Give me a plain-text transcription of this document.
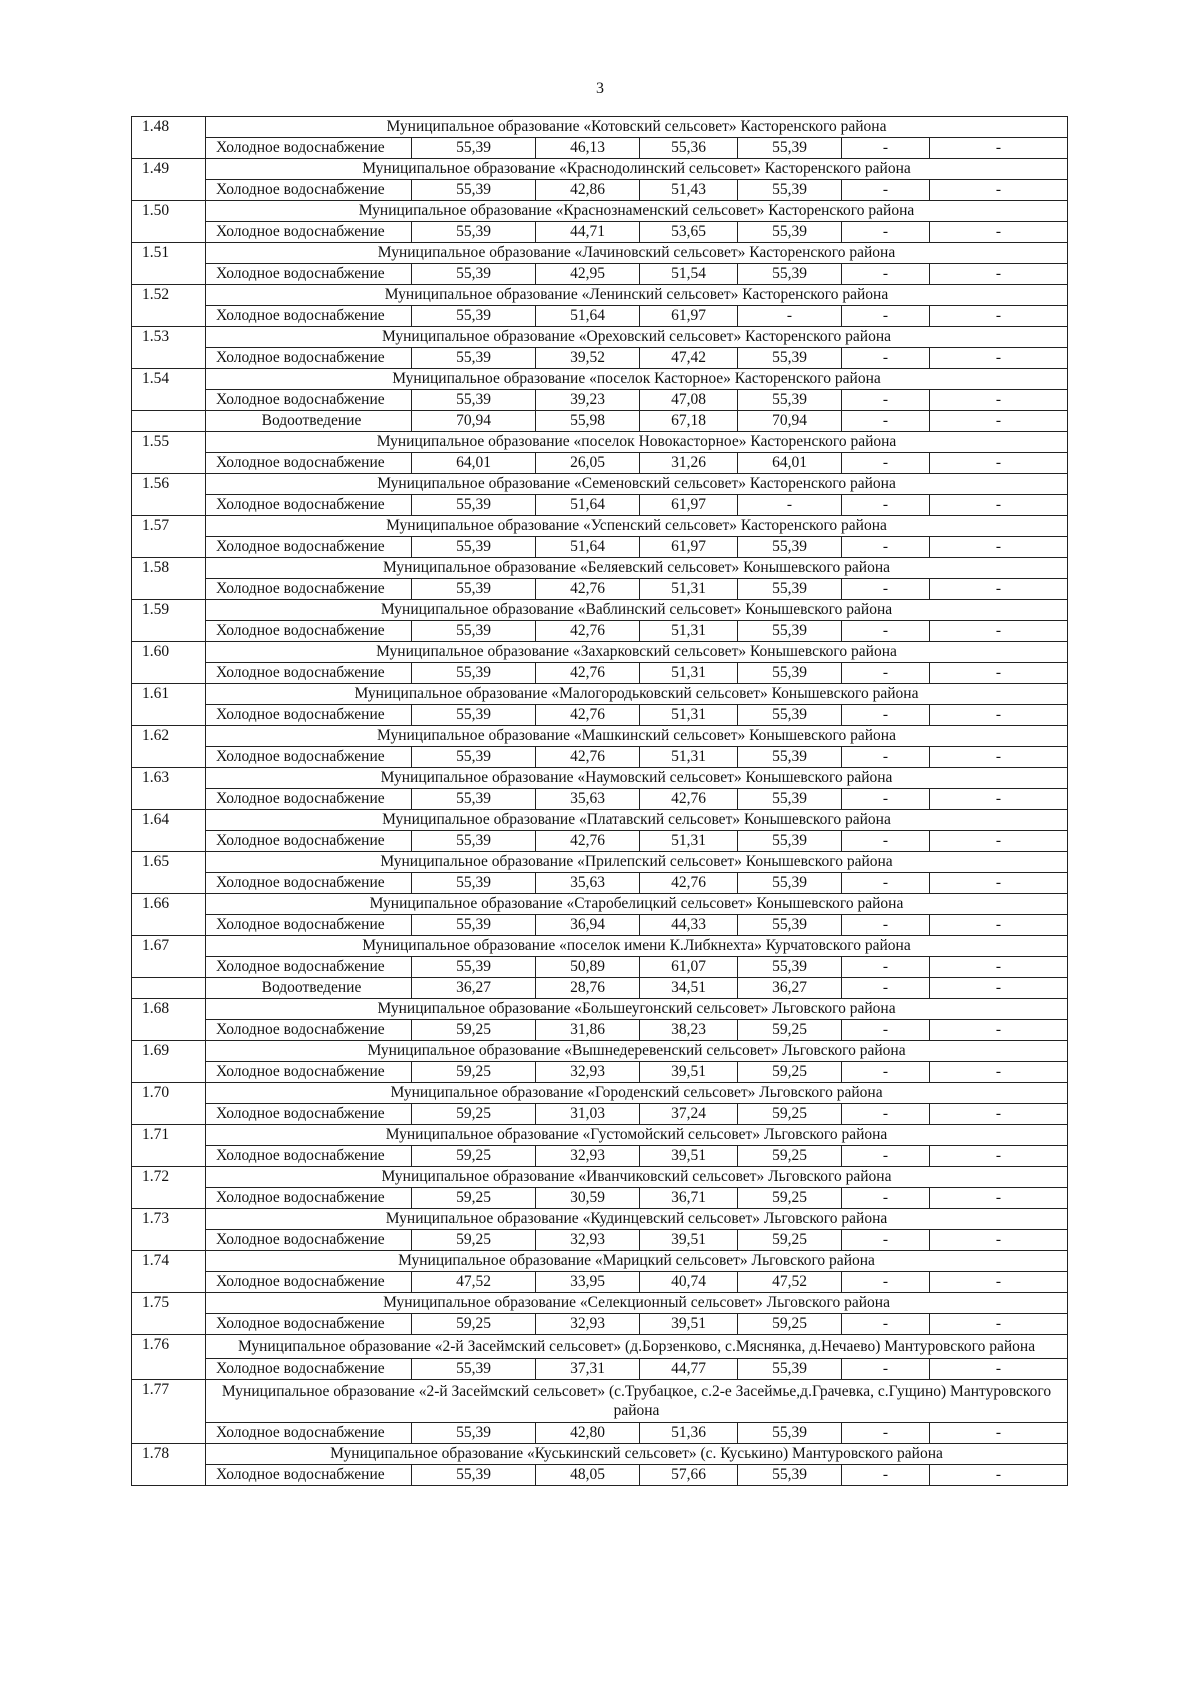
3
1.48	Муниципальное образование «Котовский сельсовет» Касторенского района						
	Холодное водоснабжение	55,39	46,13	55,36	55,39	-	-
1.49	Муниципальное образование «Краснодолинский сельсовет» Касторенского района						
	Холодное водоснабжение	55,39	42,86	51,43	55,39	-	-
1.50	Муниципальное образование «Краснознаменский сельсовет» Касторенского района						
	Холодное водоснабжение	55,39	44,71	53,65	55,39	-	-
1.51	Муниципальное образование «Лачиновский сельсовет» Касторенского района						
	Холодное водоснабжение	55,39	42,95	51,54	55,39	-	-
1.52	Муниципальное образование «Ленинский сельсовет» Касторенского района						
	Холодное водоснабжение	55,39	51,64	61,97	-	-	-
1.53	Муниципальное образование «Ореховский сельсовет» Касторенского района						
	Холодное водоснабжение	55,39	39,52	47,42	55,39	-	-
1.54	Муниципальное образование «поселок Касторное» Касторенского района						
	Холодное водоснабжение	55,39	39,23	47,08	55,39	-	-
	Водоотведение	70,94	55,98	67,18	70,94	-	-
1.55	Муниципальное образование «поселок Новокасторное» Касторенского района						
	Холодное водоснабжение	64,01	26,05	31,26	64,01	-	-
1.56	Муниципальное образование «Семеновский сельсовет» Касторенского района						
	Холодное водоснабжение	55,39	51,64	61,97	-	-	-
1.57	Муниципальное образование «Успенский сельсовет» Касторенского района						
	Холодное водоснабжение	55,39	51,64	61,97	55,39	-	-
1.58	Муниципальное образование «Беляевский сельсовет» Конышевского района						
	Холодное водоснабжение	55,39	42,76	51,31	55,39	-	-
1.59	Муниципальное образование «Ваблинский сельсовет» Конышевского района						
	Холодное водоснабжение	55,39	42,76	51,31	55,39	-	-
1.60	Муниципальное образование «Захарковский сельсовет» Конышевского района						
	Холодное водоснабжение	55,39	42,76	51,31	55,39	-	-
1.61	Муниципальное образование «Малогородьковский сельсовет» Конышевского района						
	Холодное водоснабжение	55,39	42,76	51,31	55,39	-	-
1.62	Муниципальное образование «Машкинский сельсовет» Конышевского района						
	Холодное водоснабжение	55,39	42,76	51,31	55,39	-	-
1.63	Муниципальное образование «Наумовский сельсовет» Конышевского района						
	Холодное водоснабжение	55,39	35,63	42,76	55,39	-	-
1.64	Муниципальное образование «Платавский сельсовет» Конышевского района						
	Холодное водоснабжение	55,39	42,76	51,31	55,39	-	-
1.65	Муниципальное образование «Прилепский сельсовет» Конышевского района						
	Холодное водоснабжение	55,39	35,63	42,76	55,39	-	-
1.66	Муниципальное образование «Старобелицкий сельсовет» Конышевского района						
	Холодное водоснабжение	55,39	36,94	44,33	55,39	-	-
1.67	Муниципальное образование «поселок имени К.Либкнехта» Курчатовского района						
	Холодное водоснабжение	55,39	50,89	61,07	55,39	-	-
	Водоотведение	36,27	28,76	34,51	36,27	-	-
1.68	Муниципальное образование «Большеугонский сельсовет» Льговского района						
	Холодное водоснабжение	59,25	31,86	38,23	59,25	-	-
1.69	Муниципальное образование «Вышнедеревенский сельсовет» Льговского района						
	Холодное водоснабжение	59,25	32,93	39,51	59,25	-	-
1.70	Муниципальное образование «Городенский сельсовет» Льговского района						
	Холодное водоснабжение	59,25	31,03	37,24	59,25	-	-
1.71	Муниципальное образование «Густомойский сельсовет» Льговского района						
	Холодное водоснабжение	59,25	32,93	39,51	59,25	-	-
1.72	Муниципальное образование «Иванчиковский сельсовет» Льговского района						
	Холодное водоснабжение	59,25	30,59	36,71	59,25	-	-
1.73	Муниципальное образование «Кудинцевский сельсовет» Льговского района						
	Холодное водоснабжение	59,25	32,93	39,51	59,25	-	-
1.74	Муниципальное образование «Марицкий сельсовет» Льговского района						
	Холодное водоснабжение	47,52	33,95	40,74	47,52	-	-
1.75	Муниципальное образование «Селекционный сельсовет» Льговского района						
	Холодное водоснабжение	59,25	32,93	39,51	59,25	-	-
1.76	Муниципальное образование «2-й Засеймский сельсовет» (д.Борзенково, с.Мяснянка, д.Нечаево) Мантуровского района						
	Холодное водоснабжение	55,39	37,31	44,77	55,39	-	-
1.77	Муниципальное образование «2-й Засеймский сельсовет» (с.Трубацкое, с.2-е Засеймье,д.Грачевка, с.Гущино) Мантуровского района						
	Холодное водоснабжение	55,39	42,80	51,36	55,39	-	-
1.78	Муниципальное образование «Куськинский сельсовет» (с. Куськино) Мантуровского района						
	Холодное водоснабжение	55,39	48,05	57,66	55,39	-	-
